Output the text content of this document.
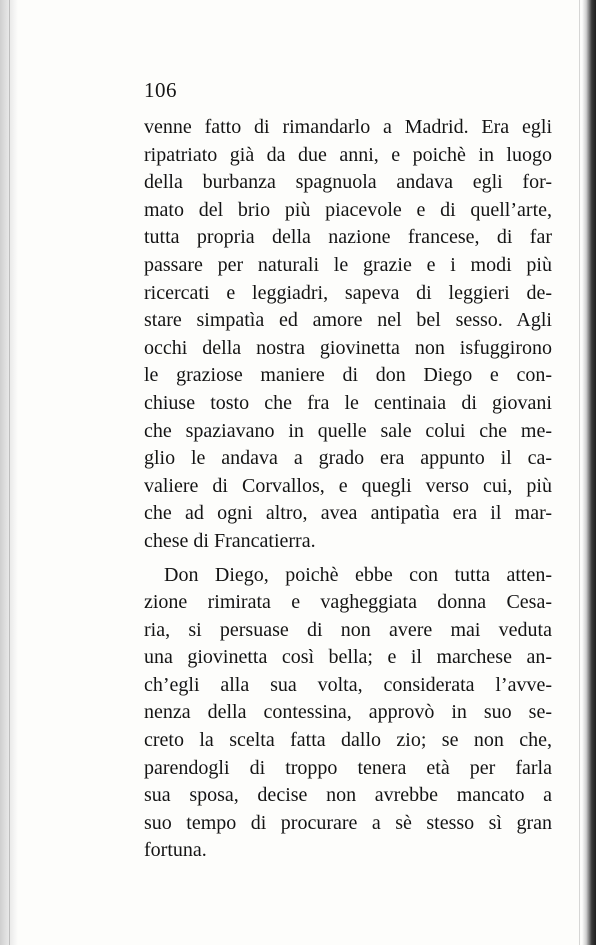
106
venne fatto di rimandarlo a Madrid. Era egli
ripatriato già da due anni, e poichè in luogo
della burbanza spagnuola andava egli for-
mato del brio più piacevole e di quell’arte,
tutta propria della nazione francese, di far
passare per naturali le grazie e i modi più
ricercati e leggiadri, sapeva di leggieri de-
stare simpatìa ed amore nel bel sesso. Agli
occhi della nostra giovinetta non isfuggirono
le graziose maniere di don Diego e con-
chiuse tosto che fra le centinaia di giovani
che spaziavano in quelle sale colui che me-
glio le andava a grado era appunto il ca-
valiere di Corvallos, e quegli verso cui, più
che ad ogni altro, avea antipatìa era il mar-
chese di Francatierra.
Don Diego, poichè ebbe con tutta atten-
zione rimirata e vagheggiata donna Cesa-
ria, si persuase di non avere mai veduta
una giovinetta così bella; e il marchese an-
ch’egli alla sua volta, considerata l’avve-
nenza della contessina, approvò in suo se-
creto la scelta fatta dallo zio; se non che,
parendogli di troppo tenera età per farla
sua sposa, decise non avrebbe mancato a
suo tempo di procurare a sè stesso sì gran
fortuna.
